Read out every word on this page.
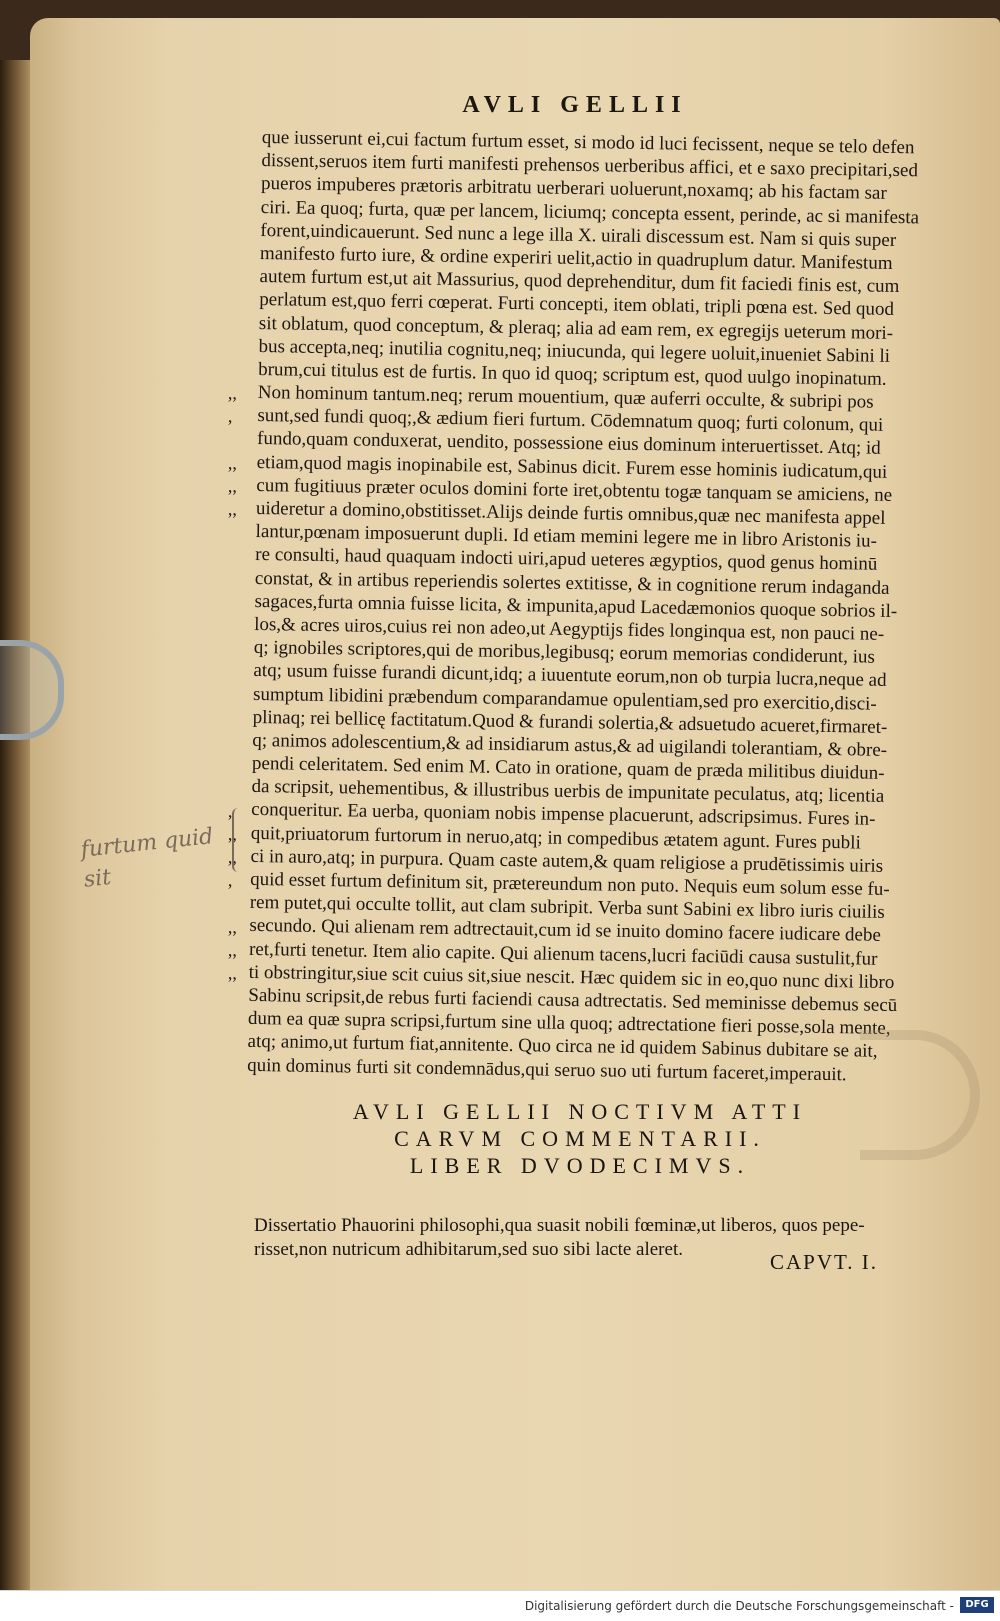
AVLI GELLII
que iusserunt ei,cui factum furtum esset, si modo id luci fecissent, neque se telo defen
dissent,seruos item furti manifesti prehensos uerberibus affici, et e saxo precipitari,sed
pueros impuberes prætoris arbitratu uerberari uoluerunt,noxamq; ab his factam sar
ciri. Ea quoq; furta, quæ per lancem, liciumq; concepta essent, perinde, ac si manifesta
forent,uindicauerunt. Sed nunc a lege illa X. uirali discessum est. Nam si quis super
manifesto furto iure, & ordine experiri uelit,actio in quadruplum datur. Manifestum
autem furtum est,ut ait Massurius, quod deprehenditur, dum fit faciedi finis est, cum
perlatum est,quo ferri cœperat. Furti concepti, item oblati, tripli pœna est. Sed quod
sit oblatum, quod conceptum, & pleraq; alia ad eam rem, ex egregijs ueterum mori-
bus accepta,neq; inutilia cognitu,neq; iniucunda, qui legere uoluit,inueniet Sabini li
brum,cui titulus est de furtis. In quo id quoq; scriptum est, quod uulgo inopinatum.
Non hominum tantum.neq; rerum mouentium, quæ auferri occulte, & subripi pos
sunt,sed fundi quoq;,& ædium fieri furtum. Cōdemnatum quoq; furti colonum, qui
fundo,quam conduxerat, uendito, possessione eius dominum interuertisset. Atq; id
etiam,quod magis inopinabile est, Sabinus dicit. Furem esse hominis iudicatum,qui
cum fugitiuus præter oculos domini forte iret,obtentu togæ tanquam se amiciens, ne
uideretur a domino,obstitisset.Alijs deinde furtis omnibus,quæ nec manifesta appel
lantur,pœnam imposuerunt dupli. Id etiam memini legere me in libro Aristonis iu-
re consulti, haud quaquam indocti uiri,apud ueteres ægyptios, quod genus hominū
constat, & in artibus reperiendis solertes extitisse, & in cognitione rerum indaganda
sagaces,furta omnia fuisse licita, & impunita,apud Lacedæmonios quoque sobrios il-
los,& acres uiros,cuius rei non adeo,ut Aegyptijs fides longinqua est, non pauci ne-
q; ignobiles scriptores,qui de moribus,legibusq; eorum memorias condiderunt, ius
atq; usum fuisse furandi dicunt,idq; a iuuentute eorum,non ob turpia lucra,neque ad
sumptum libidini præbendum comparandamue opulentiam,sed pro exercitio,disci-
plinaq; rei bellicę factitatum.Quod & furandi solertia,& adsuetudo acueret,firmaret-
q; animos adolescentium,& ad insidiarum astus,& ad uigilandi tolerantiam, & obre-
pendi celeritatem. Sed enim M. Cato in oratione, quam de præda militibus diuidun-
da scripsit, uehementibus, & illustribus uerbis de impunitate peculatus, atq; licentia
conqueritur. Ea uerba, quoniam nobis impense placuerunt, adscripsimus. Fures in-
quit,priuatorum furtorum in neruo,atq; in compedibus ætatem agunt. Fures publi
ci in auro,atq; in purpura. Quam caste autem,& quam religiose a prudētissimis uiris
quid esset furtum definitum sit, prætereundum non puto. Nequis eum solum esse fu-
rem putet,qui occulte tollit, aut clam subripit. Verba sunt Sabini ex libro iuris ciuilis
secundo. Qui alienam rem adtrectauit,cum id se inuito domino facere iudicare debe
ret,furti tenetur. Item alio capite. Qui alienum tacens,lucri faciūdi causa sustulit,fur
ti obstringitur,siue scit cuius sit,siue nescit. Hæc quidem sic in eo,quo nunc dixi libro
Sabinu scripsit,de rebus furti faciendi causa adtrectatis. Sed meminisse debemus secū
dum ea quæ supra scripsi,furtum sine ulla quoq; adtrectatione fieri posse,sola mente,
atq; animo,ut furtum fiat,annitente. Quo circa ne id quidem Sabinus dubitare se ait,
quin dominus furti sit condemnādus,qui seruo suo uti furtum faceret,imperauit.
,,
,
,,
,,
,,
,
,,
,,
,
,,
,,
,,
furtum quid
sit
AVLI GELLII NOCTIVM ATTI
CARVM COMMENTARII.
LIBER DVODECIMVS.
Dissertatio Phauorini philosophi,qua suasit nobili fœminæ,ut liberos, quos pepe-
risset,non nutricum adhibitarum,sed suo sibi lacte aleret.
CAPVT. I.
Digitalisierung gefördert durch die Deutsche Forschungsgemeinschaft -	DFG
